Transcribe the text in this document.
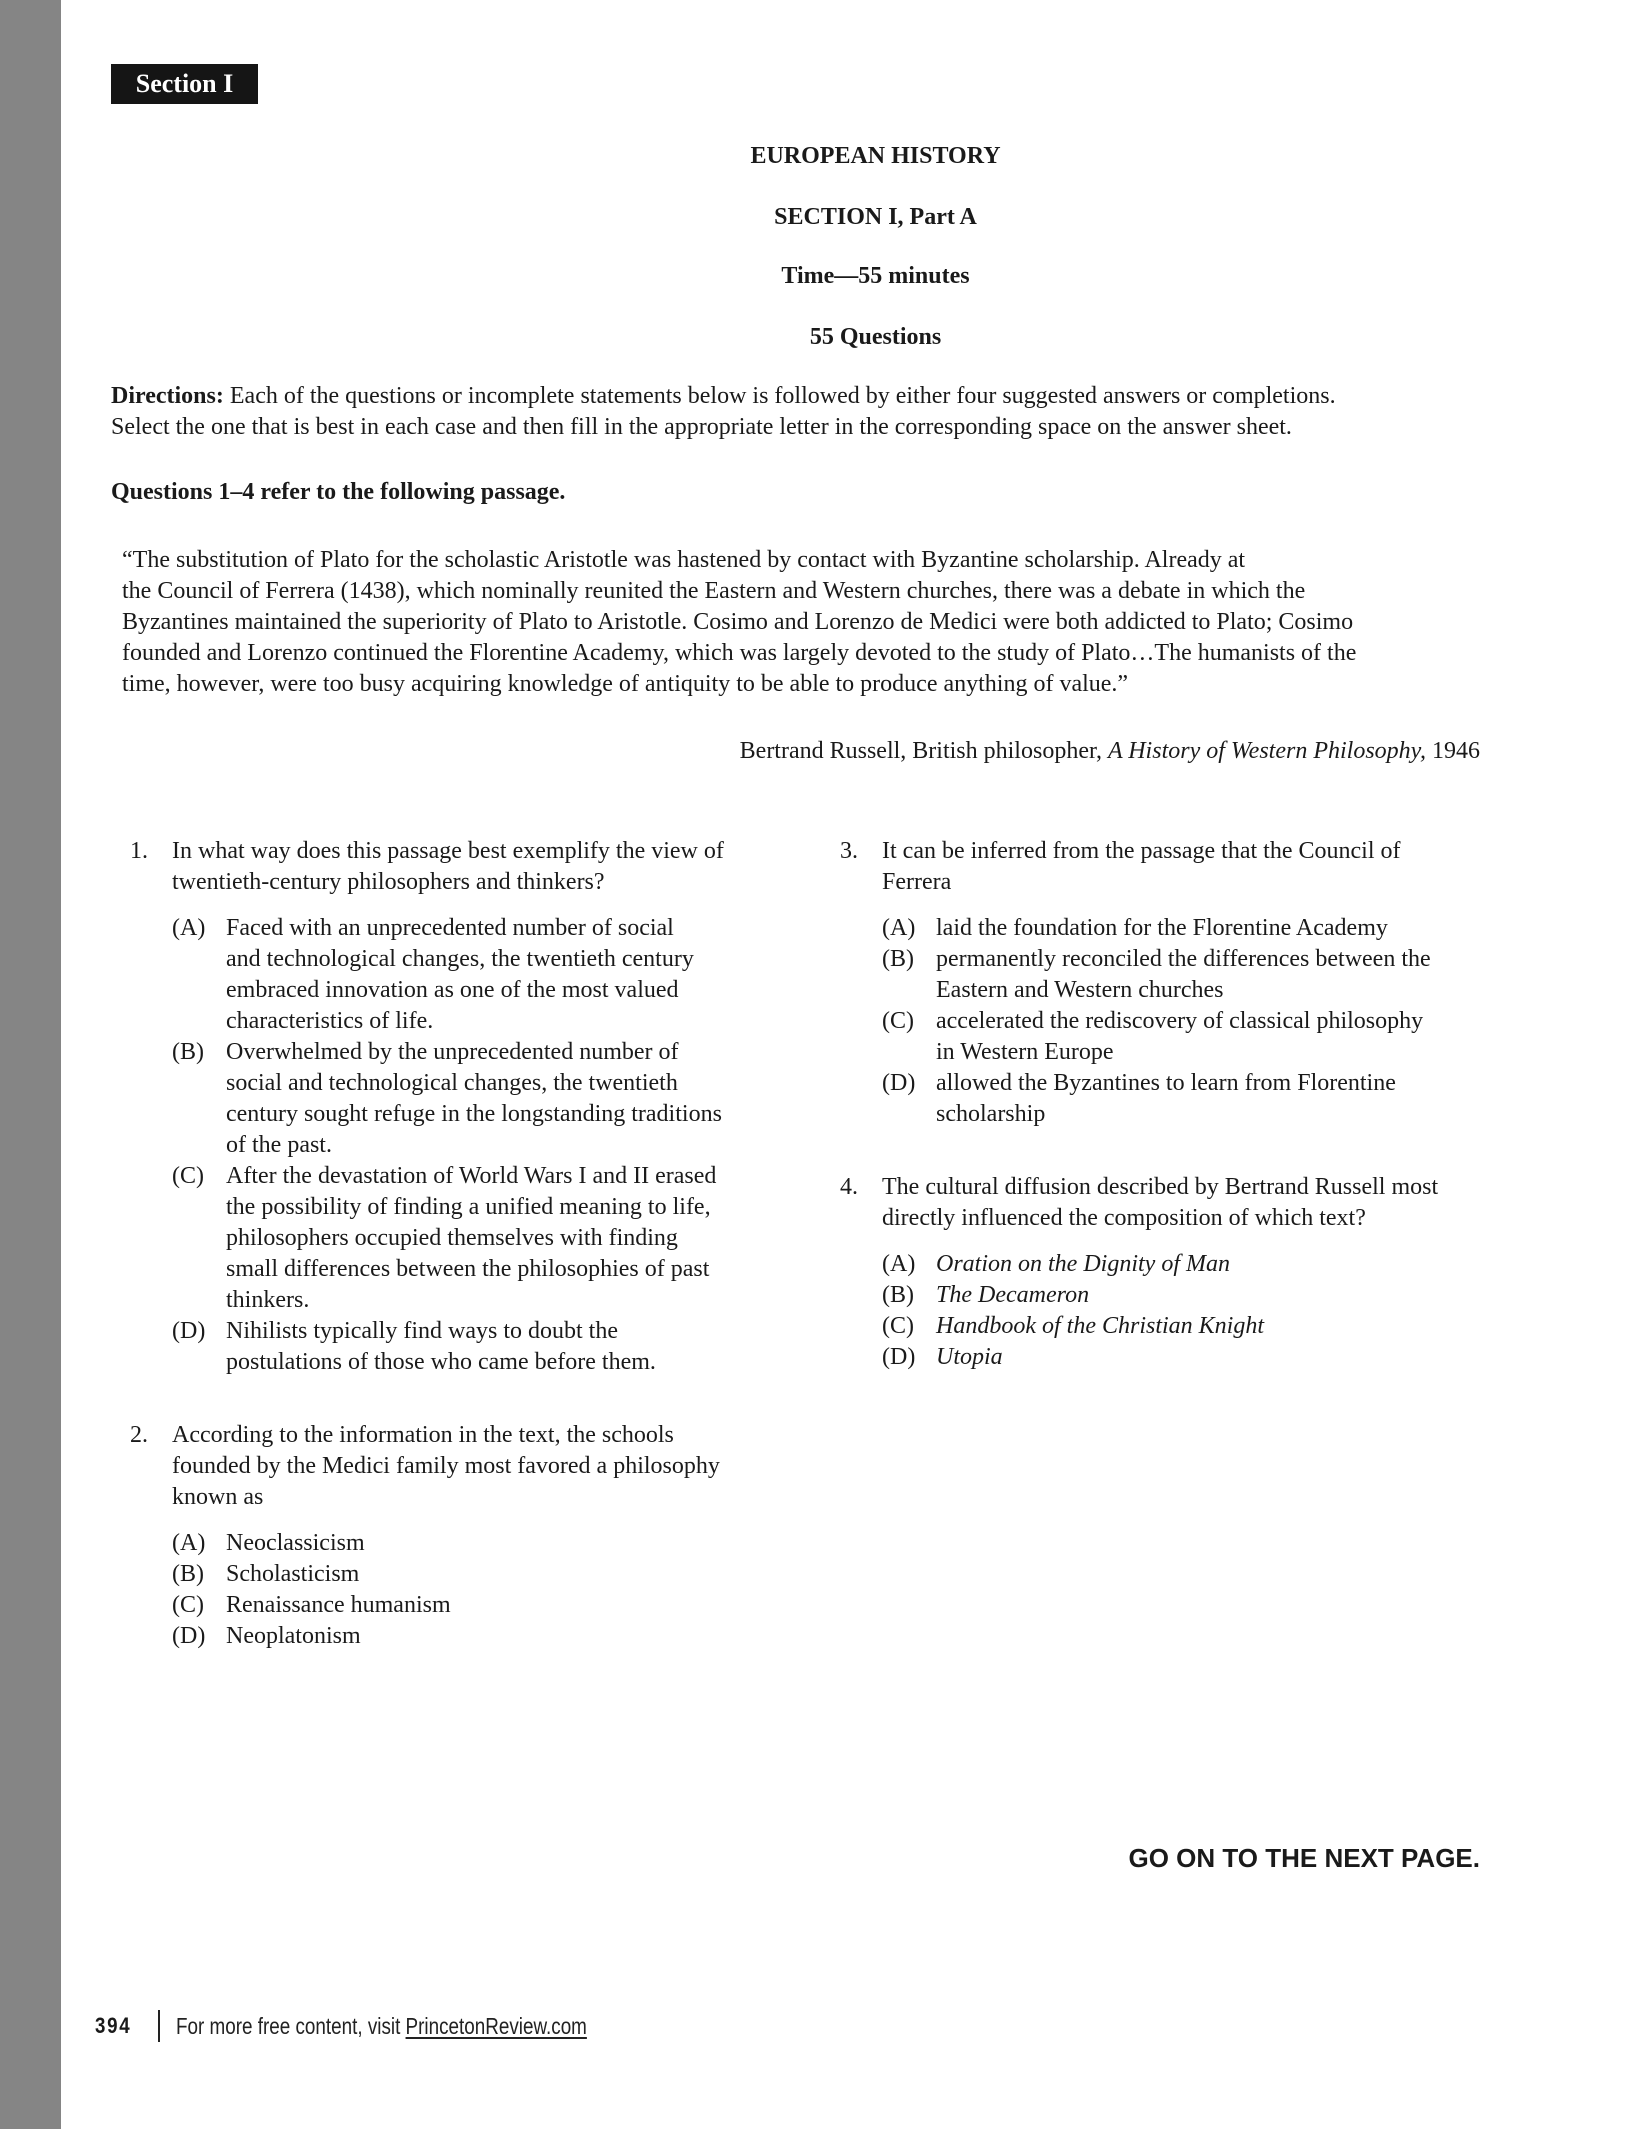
Section I
EUROPEAN HISTORY
SECTION I, Part A
Time—55 minutes
55 Questions
Directions: Each of the questions or incomplete statements below is followed by either four suggested answers or completions.
Select the one that is best in each case and then fill in the appropriate letter in the corresponding space on the answer sheet.
Questions 1–4 refer to the following passage.
“The substitution of Plato for the scholastic Aristotle was hastened by contact with Byzantine scholarship. Already at
the Council of Ferrera (1438), which nominally reunited the Eastern and Western churches, there was a debate in which the
Byzantines maintained the superiority of Plato to Aristotle. Cosimo and Lorenzo de Medici were both addicted to Plato; Cosimo
founded and Lorenzo continued the Florentine Academy, which was largely devoted to the study of Plato…The humanists of the
time, however, were too busy acquiring knowledge of antiquity to be able to produce anything of value.”
Bertrand Russell, British philosopher, A History of Western Philosophy, 1946
1. In what way does this passage best exemplify the view of
twentieth-century philosophers and thinkers?
(A) Faced with an unprecedented number of social
and technological changes, the twentieth century
embraced innovation as one of the most valued
characteristics of life.
(B) Overwhelmed by the unprecedented number of
social and technological changes, the twentieth
century sought refuge in the longstanding traditions
of the past.
(C) After the devastation of World Wars I and II erased
the possibility of finding a unified meaning to life,
philosophers occupied themselves with finding
small differences between the philosophies of past
thinkers.
(D) Nihilists typically find ways to doubt the
postulations of those who came before them.
2. According to the information in the text, the schools
founded by the Medici family most favored a philosophy
known as
(A) Neoclassicism
(B) Scholasticism
(C) Renaissance humanism
(D) Neoplatonism
3. It can be inferred from the passage that the Council of
Ferrera
(A) laid the foundation for the Florentine Academy
(B) permanently reconciled the differences between the
Eastern and Western churches
(C) accelerated the rediscovery of classical philosophy
in Western Europe
(D) allowed the Byzantines to learn from Florentine
scholarship
4. The cultural diffusion described by Bertrand Russell most
directly influenced the composition of which text?
(A) Oration on the Dignity of Man
(B) The Decameron
(C) Handbook of the Christian Knight
(D) Utopia
GO ON TO THE NEXT PAGE.
394 For more free content, visit PrincetonReview.com
